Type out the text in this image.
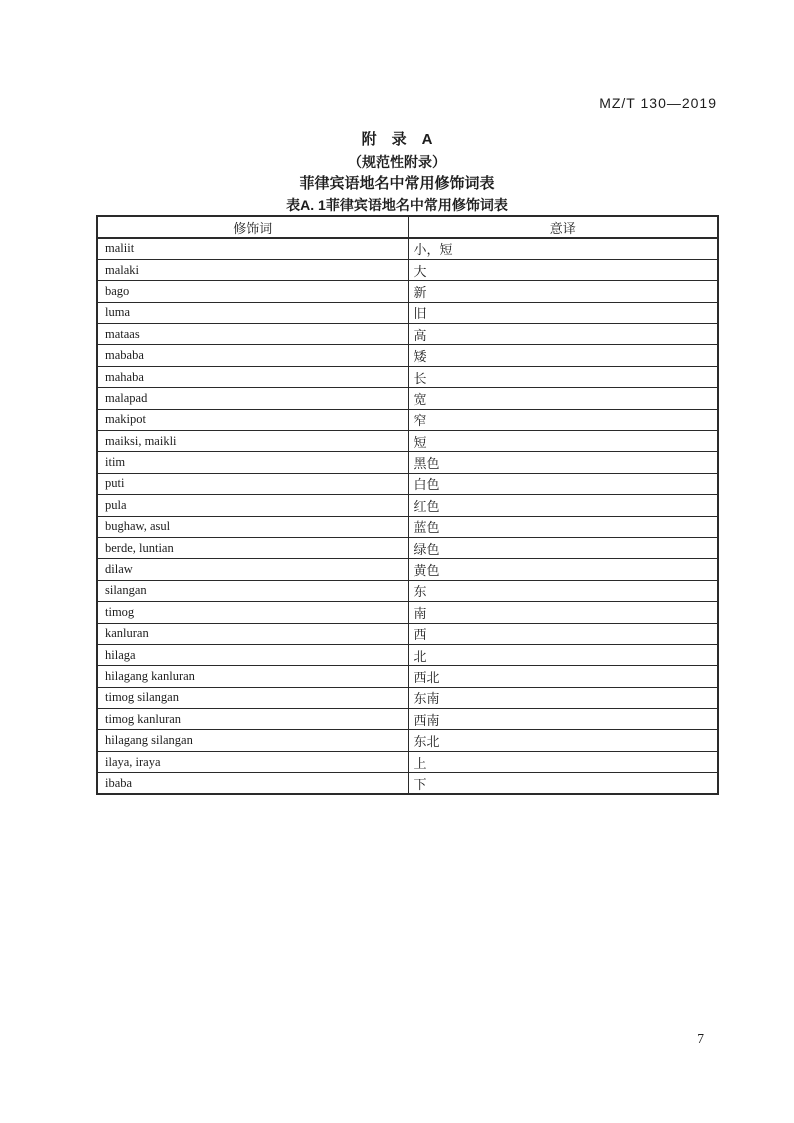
MZ/T 130—2019
附　录　A
（规范性附录）
菲律宾语地名中常用修饰词表
表A. 1菲律宾语地名中常用修饰词表
修饰词	意译
maliit	小，短
malaki	大
bago	新
luma	旧
mataas	高
mababa	矮
mahaba	长
malapad	宽
makipot	窄
maiksi, maikli	短
itim	黑色
puti	白色
pula	红色
bughaw, asul	蓝色
berde, luntian	绿色
dilaw	黄色
silangan	东
timog	南
kanluran	西
hilaga	北
hilagang kanluran	西北
timog silangan	东南
timog kanluran	西南
hilagang silangan	东北
ilaya, iraya	上
ibaba	下
7
